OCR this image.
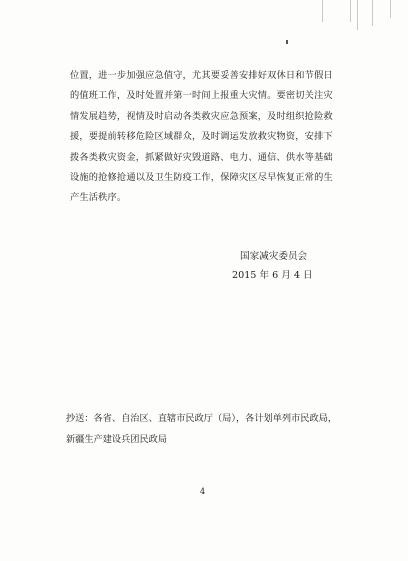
位置，进一步加强应急值守，尤其要妥善安排好双休日和节假日
的值班工作，及时处置并第一时间上报重大灾情。要密切关注灾
情发展趋势，视情及时启动各类救灾应急预案，及时组织抢险救
援，要提前转移危险区域群众，及时调运发放救灾物资，安排下
拨各类救灾资金，抓紧做好灾毁道路、电力、通信、供水等基础
设施的抢修抢通以及卫生防疫工作，保障灾区尽早恢复正常的生
产生活秩序。
国家减灾委员会
2015 年 6 月 4 日
抄送：各省、自治区、直辖市民政厅（局），各计划单列市民政局，
新疆生产建设兵团民政局
4
